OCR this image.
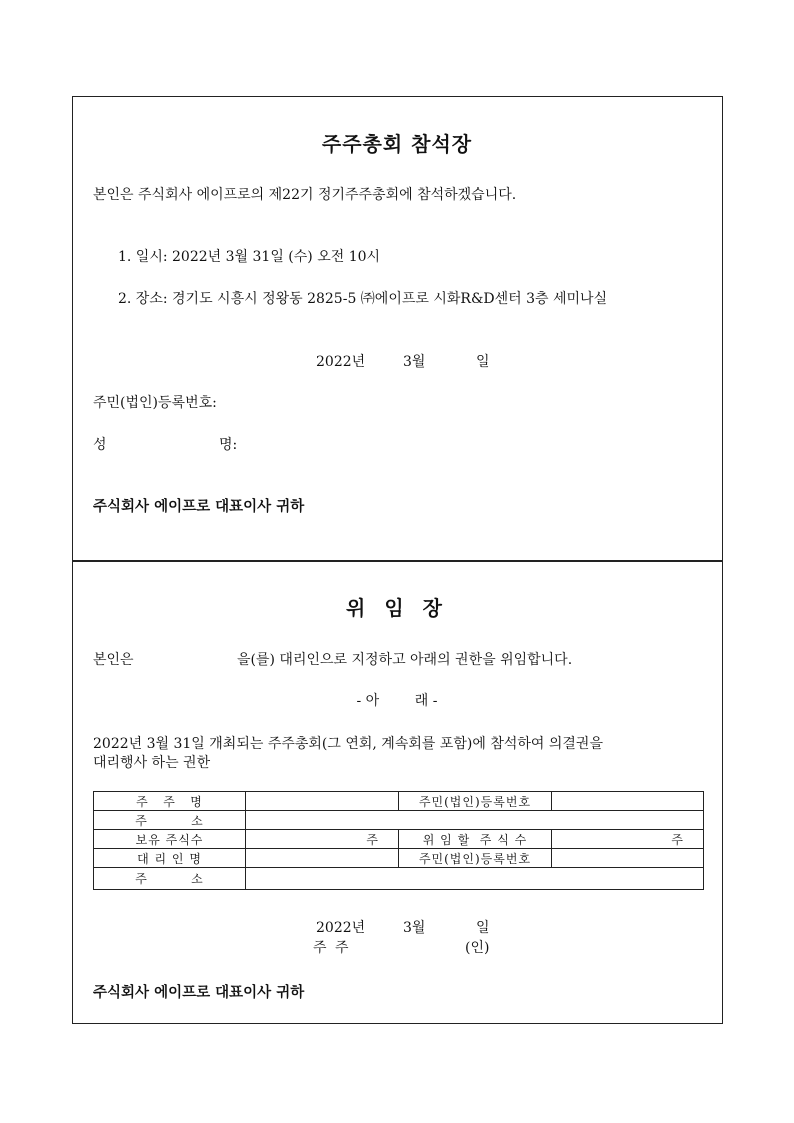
주주총회 참석장
본인은 주식회사 에이프로의 제22기 정기주주총회에 참석하겠습니다.
1. 일시: 2022년 3월 31일 (수) 오전 10시
2. 장소: 경기도 시흥시 정왕동 2825-5 ㈜에이프로 시화R&D센터 3층 세미나실
2022년	3월	일
주민(법인)등록번호:
성	명:
주식회사 에이프로 대표이사 귀하
위 임 장
본인은	을(를) 대리인으로 지정하고 아래의 권한을 위임합니다.
- 아        래 -
2022년 3월 31일 개최되는 주주총회(그 연회, 계속회를 포함)에 참석하여 의결권을
대리행사 하는 권한
주   주   명		주민(법인)등록번호	
주         소			
보유 주식수	주	위 임 할  주 식 수	주
대 리 인 명		주민(법인)등록번호	
주         소			
2022년	3월	일
주 주	(인)
주식회사 에이프로 대표이사 귀하
